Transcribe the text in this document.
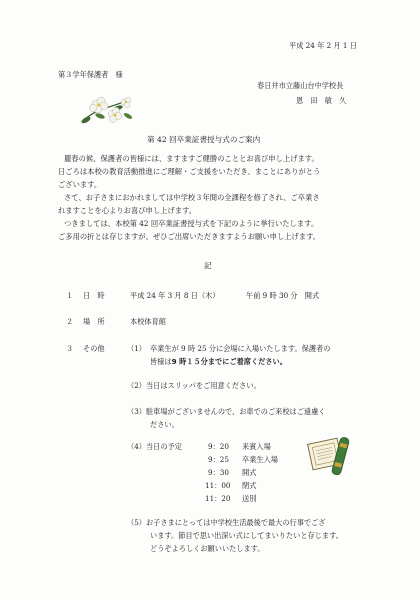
平成 24 年 2 月 1 日
第３学年保護者　様
春日井市立藤山台中学校長
恩　田　敏　久
第 42 回卒業証書授与式のご案内
麗春の候、保護者の皆様には、ますますご健勝のこととお喜び申し上げます。
日ごろは本校の教育活動推進にご理解・ご支援をいただき、まことにありがとう
ございます。
さて、お子さまにおかれましては中学校３年間の全課程を修了され、ご卒業さ
れますことを心よりお喜び申し上げます。
つきましては、本校第 42 回卒業証書授与式を下記のように挙行いたします。
ご多用の折とは存じますが、ぜひご出席いただきますようお願い申し上げます。
記
１ 日　時	平成 24 年 3 月 8 日（木）	午前 9 時 30 分　開式
２ 場　所	本校体育館
３ その他	（1） 卒業生が 9 時 25 分に会場に入場いたします。保護者の
皆様は9 時１５分までにご着席ください。
（2）当日はスリッパをご用意ください。
（3）駐車場がございませんので、お車でのご来校はご遠慮く
ださい。
（4）当日の予定	9：20 来賓入場
9：25 卒業生入場
9：30 開式
11：00 閉式
11：20 送別
（5）お子さまにとっては中学校生活最後で最大の行事でござ
います。節目で思い出深い式にしてまいりたいと存じます。
どうぞよろしくお願いいたします。
